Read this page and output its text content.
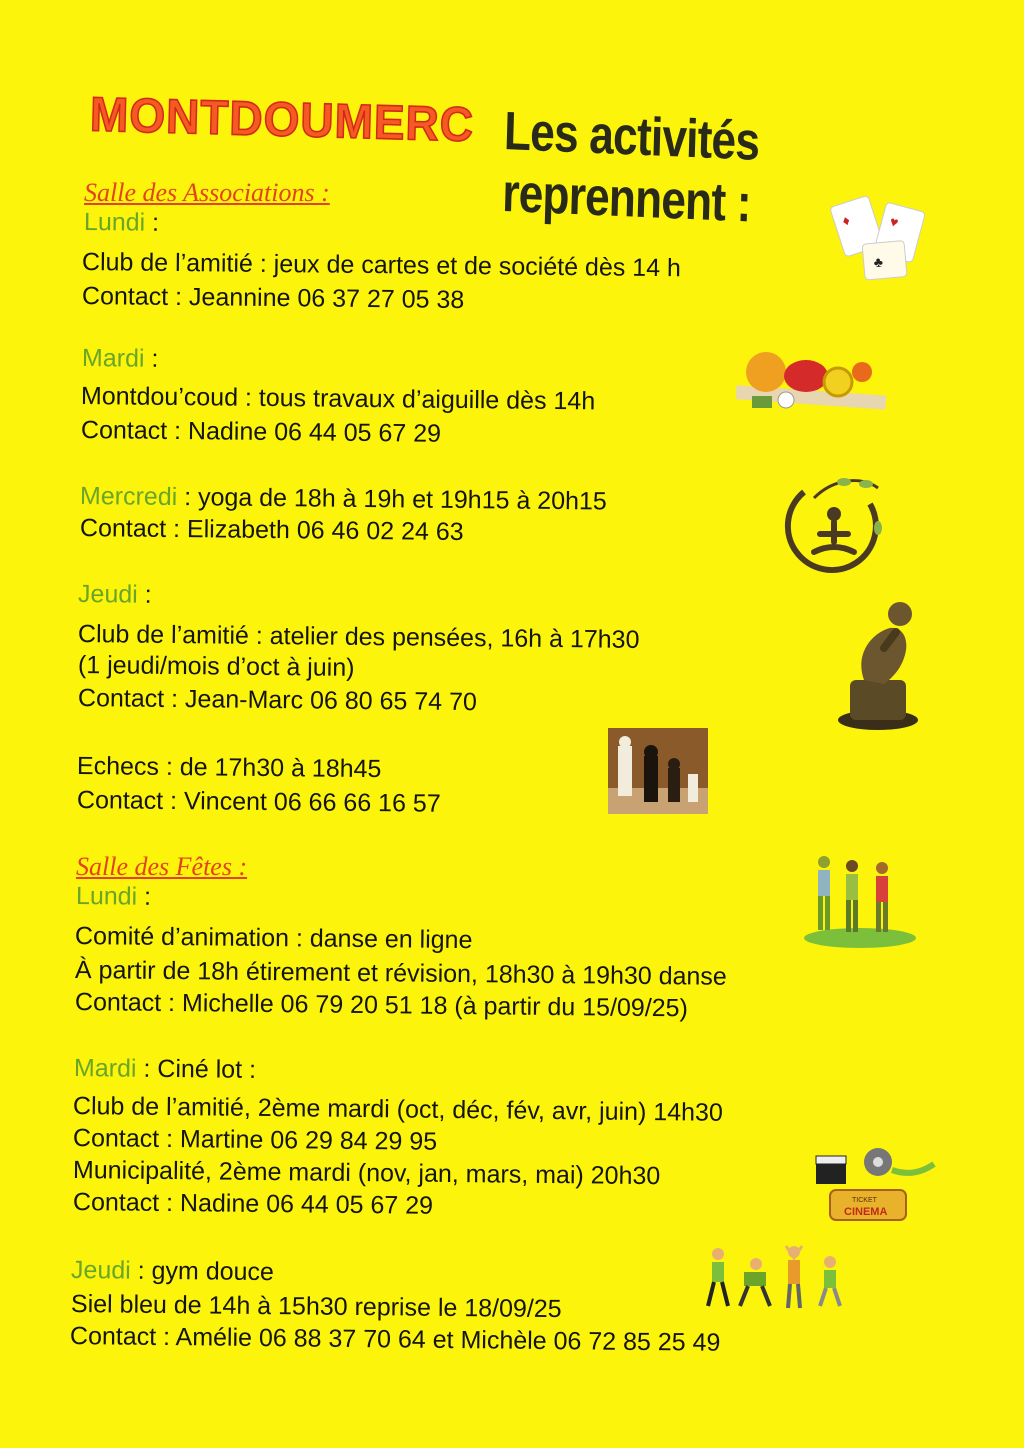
MONTDOUMERC Les activités reprennent :
Salle des Associations :
Lundi :
Club de l’amitié : jeux de cartes et de société dès 14 h
Contact : Jeannine 06 37 27 05 38
Mardi :
Montdou’coud : tous travaux d’aiguille dès 14h
Contact : Nadine 06 44 05 67 29
Mercredi : yoga de 18h à 19h et 19h15 à 20h15
Contact : Elizabeth 06 46 02 24 63
Jeudi :
Club de l’amitié : atelier des pensées, 16h à 17h30
(1 jeudi/mois d’oct à juin)
Contact : Jean-Marc 06 80 65 74 70
Echecs : de 17h30 à 18h45
Contact : Vincent 06 66 66 16 57
Salle des Fêtes :
Lundi :
Comité d’animation : danse en ligne
À partir de 18h étirement et révision, 18h30 à 19h30 danse
Contact : Michelle 06 79 20 51 18 (à partir du 15/09/25)
Mardi : Ciné lot :
Club de l’amitié, 2ème mardi (oct, déc, fév, avr, juin) 14h30
Contact : Martine 06 29 84 29 95
Municipalité, 2ème mardi (nov, jan, mars, mai) 20h30
Contact : Nadine 06 44 05 67 29
Jeudi : gym douce
Siel bleu de 14h à 15h30 reprise le 18/09/25
Contact : Amélie 06 88 37 70 64 et Michèle 06 72 85 25 49
♦	♥
♣
TICKET
CINEMA
